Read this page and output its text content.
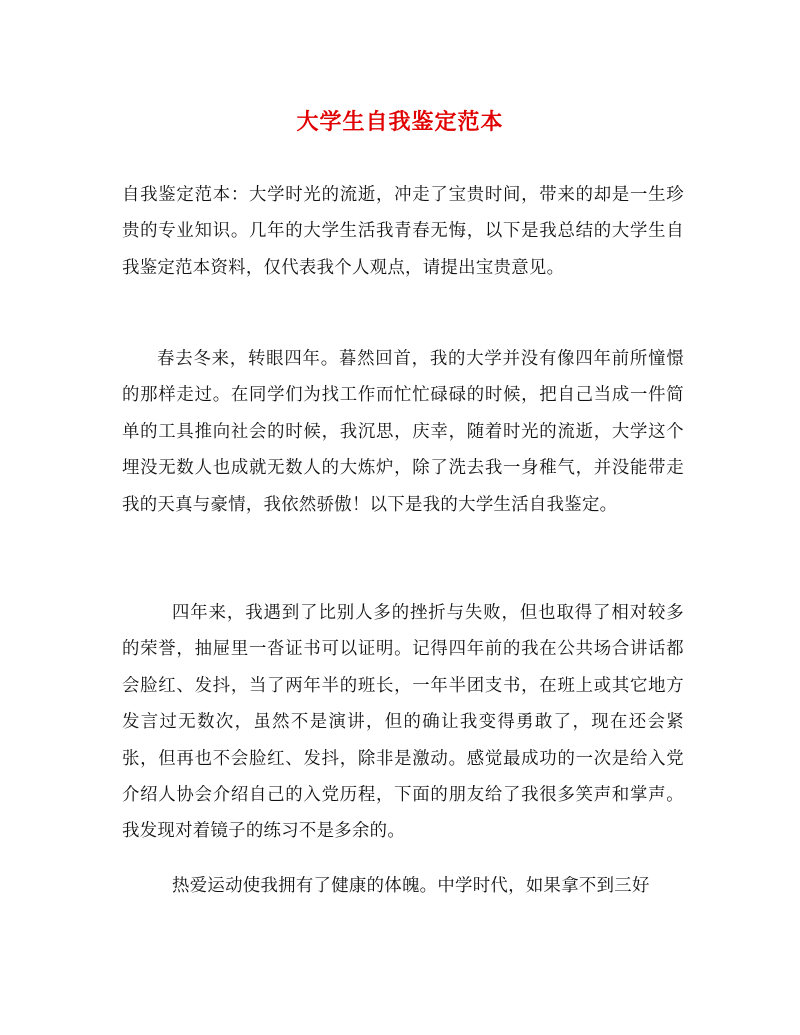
大学生自我鉴定范本
自我鉴定范本：大学时光的流逝，冲走了宝贵时间，带来的却是一生珍贵的专业知识。几年的大学生活我青春无悔，以下是我总结的大学生自我鉴定范本资料，仅代表我个人观点，请提出宝贵意见。
春去冬来，转眼四年。暮然回首，我的大学并没有像四年前所憧憬的那样走过。在同学们为找工作而忙忙碌碌的时候，把自己当成一件简单的工具推向社会的时候，我沉思，庆幸，随着时光的流逝，大学这个埋没无数人也成就无数人的大炼炉，除了洗去我一身稚气，并没能带走我的天真与豪情，我依然骄傲！以下是我的大学生活自我鉴定。
四年来，我遇到了比别人多的挫折与失败，但也取得了相对较多的荣誉，抽屉里一沓证书可以证明。记得四年前的我在公共场合讲话都会脸红、发抖，当了两年半的班长，一年半团支书，在班上或其它地方发言过无数次，虽然不是演讲，但的确让我变得勇敢了，现在还会紧张，但再也不会脸红、发抖，除非是激动。感觉最成功的一次是给入党介绍人协会介绍自己的入党历程，下面的朋友给了我很多笑声和掌声。我发现对着镜子的练习不是多余的。
热爱运动使我拥有了健康的体魄。中学时代，如果拿不到三好
